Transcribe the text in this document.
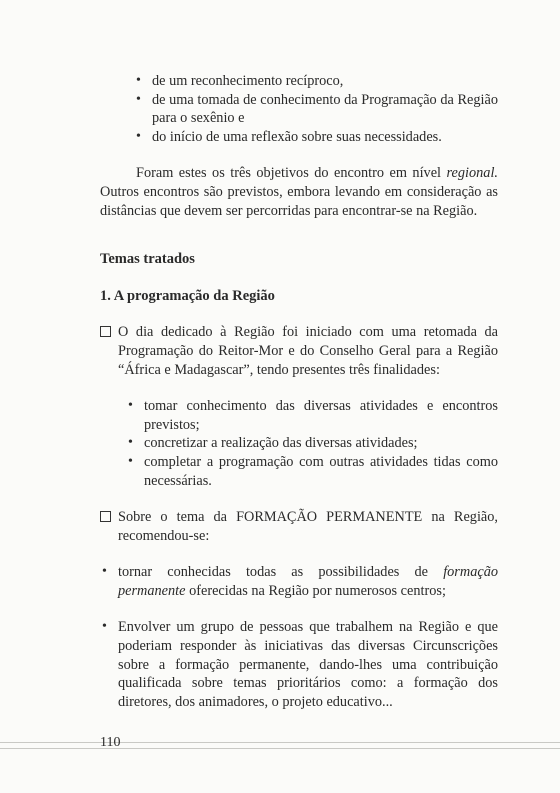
• de um reconhecimento recíproco,
• de uma tomada de conhecimento da Programação da Região para o sexênio e
• do início de uma reflexão sobre suas necessidades.

Foram estes os três objetivos do encontro em nível regional. Outros encontros são previstos, embora levando em consideração as distâncias que devem ser percorridas para encontrar-se na Região.

Temas tratados
1. A programação da Região

O dia dedicado à Região foi iniciado com uma retomada da Programação do Reitor-Mor e do Conselho Geral para a Região “África e Madagascar”, tendo presentes três finalidades:

• tomar conhecimento das diversas atividades e encontros previstos;
• concretizar a realização das diversas atividades;
• completar a programação com outras atividades tidas como necessárias.

Sobre o tema da FORMAÇÃO PERMANENTE na Região, recomendou-se:

• tornar conhecidas todas as possibilidades de formação permanente oferecidas na Região por numerosos centros;
• Envolver um grupo de pessoas que trabalhem na Região e que poderiam responder às iniciativas das diversas Circunscrições sobre a formação permanente, dando-lhes uma contribuição qualificada sobre temas prioritários como: a formação dos diretores, dos animadores, o projeto educativo...
110
